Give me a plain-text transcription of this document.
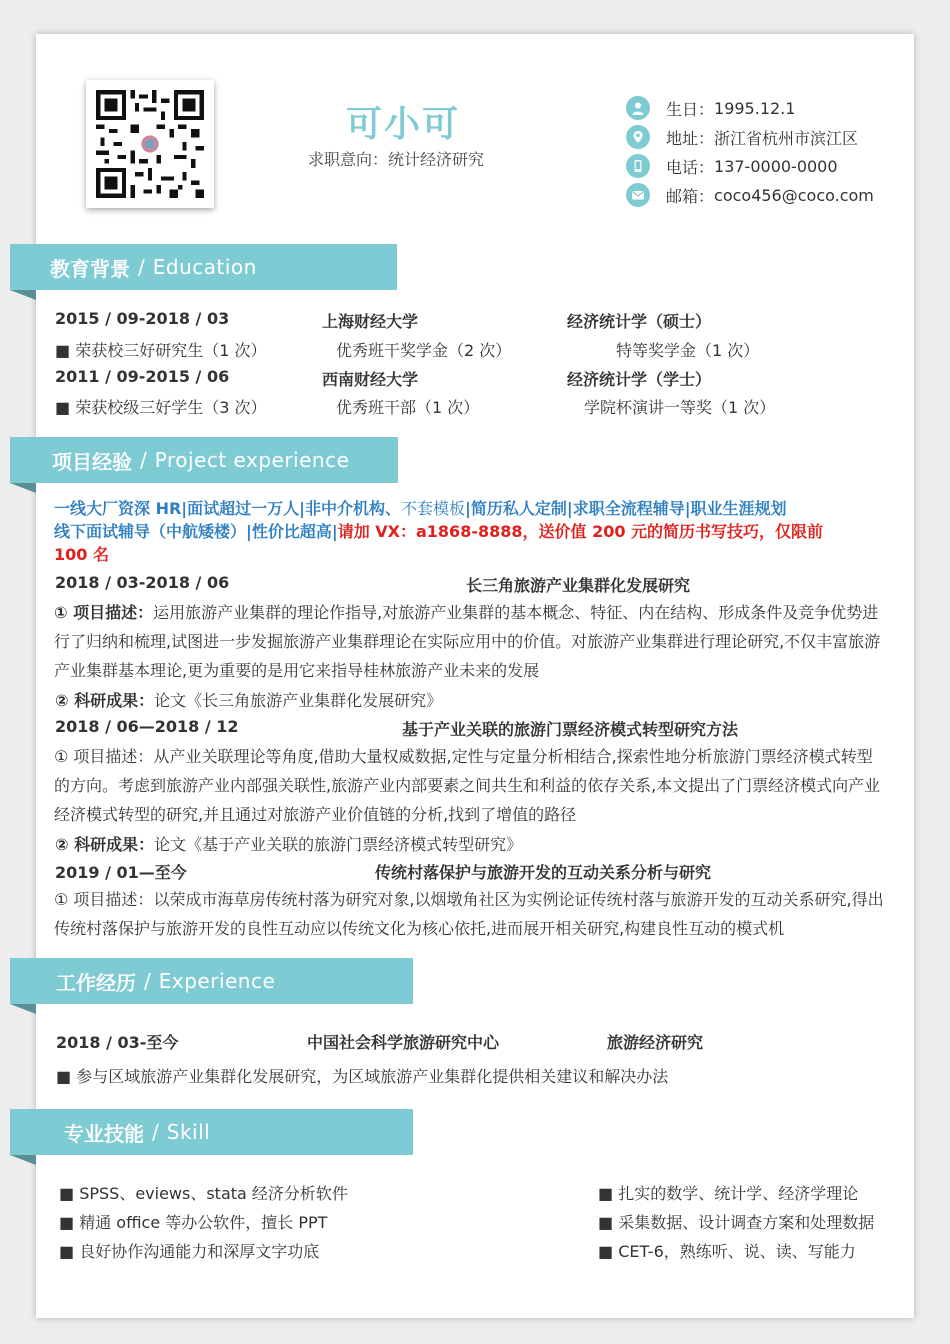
可小可
求职意向：统计经济研究
生日： 1995.12.1
地址： 浙江省杭州市滨江区
电话： 137-0000-0000
邮箱： coco456@coco.com
教育背景 / Education
2015 / 09-2018 / 03	上海财经大学	经济统计学（硕士）
■ 荣获校三好研究生（1 次）	优秀班干奖学金（2 次）	特等奖学金（1 次）
2011 / 09-2015 / 06	西南财经大学	经济统计学（学士）
■ 荣获校级三好学生（3 次）	优秀班干部（1 次）	学院杯演讲一等奖（1 次）
项目经验 / Project experience
一线大厂资深 HR|面试超过一万人|非中介机构、不套模板|简历私人定制|求职全流程辅导|职业生涯规划
线下面试辅导（中航矮楼）|性价比超高|请加 VX：a1868-8888，送价值 200 元的简历书写技巧，仅限前
100 名
2018 / 03-2018 / 06	长三角旅游产业集群化发展研究
① 项目描述：运用旅游产业集群的理论作指导,对旅游产业集群的基本概念、特征、内在结构、形成条件及竞争优势进行了归纳和梳理,试图进一步发掘旅游产业集群理论在实际应用中的价值。对旅游产业集群进行理论研究,不仅丰富旅游产业集群基本理论,更为重要的是用它来指导桂林旅游产业未来的发展
② 科研成果：论文《长三角旅游产业集群化发展研究》
2018 / 06—2018 / 12	基于产业关联的旅游门票经济模式转型研究方法
① 项目描述：从产业关联理论等角度,借助大量权威数据,定性与定量分析相结合,探索性地分析旅游门票经济模式转型的方向。考虑到旅游产业内部强关联性,旅游产业内部要素之间共生和利益的依存关系,本文提出了门票经济模式向产业经济模式转型的研究,并且通过对旅游产业价值链的分析,找到了增值的路径
② 科研成果：论文《基于产业关联的旅游门票经济模式转型研究》
2019 / 01—至今	传统村落保护与旅游开发的互动关系分析与研究
① 项目描述：以荣成市海草房传统村落为研究对象,以烟墩角社区为实例论证传统村落与旅游开发的互动关系研究,得出传统村落保护与旅游开发的良性互动应以传统文化为核心依托,进而展开相关研究,构建良性互动的模式机
工作经历 / Experience
2018 / 03-至今	中国社会科学旅游研究中心	旅游经济研究
■ 参与区域旅游产业集群化发展研究，为区域旅游产业集群化提供相关建议和解决办法
专业技能 / Skill
■ SPSS、eviews、stata 经济分析软件
■ 精通 office 等办公软件，擅长 PPT
■ 良好协作沟通能力和深厚文字功底
■ 扎实的数学、统计学、经济学理论
■ 采集数据、设计调查方案和处理数据
■ CET-6，熟练听、说、读、写能力
